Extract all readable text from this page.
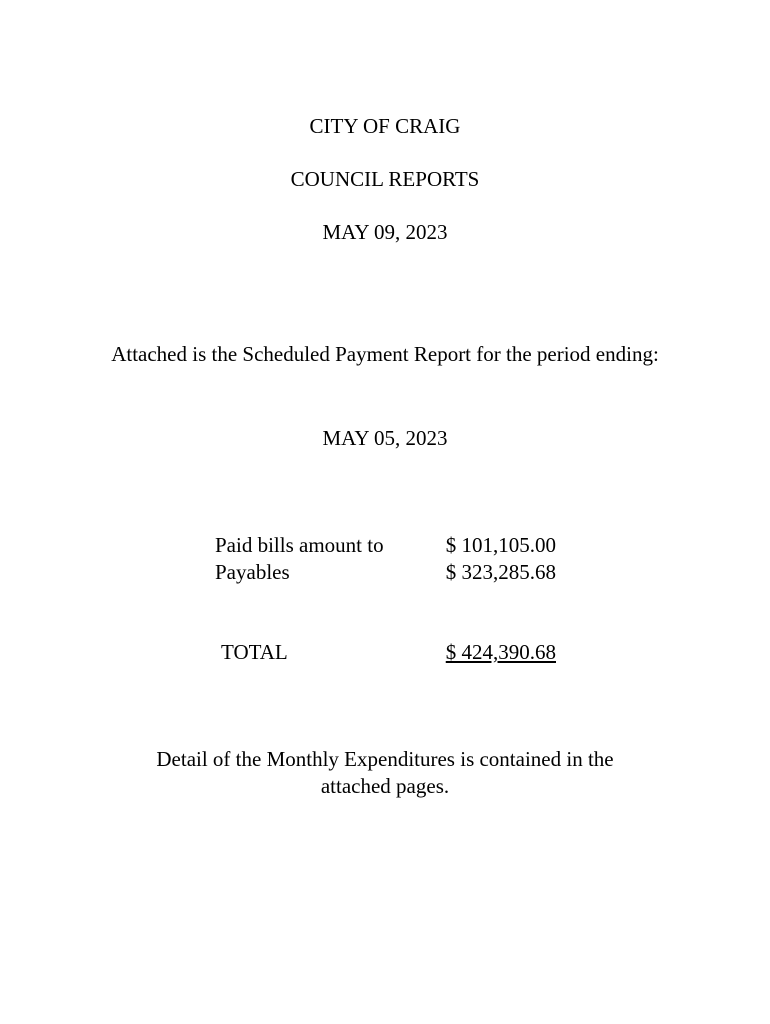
CITY OF CRAIG
COUNCIL REPORTS
MAY 09, 2023
Attached is the Scheduled Payment Report for the period ending:
MAY 05, 2023
Paid bills amount to	$ 101,105.00
Payables	$ 323,285.68
TOTAL	$ 424,390.68
Detail of the Monthly Expenditures is contained in the attached pages.
